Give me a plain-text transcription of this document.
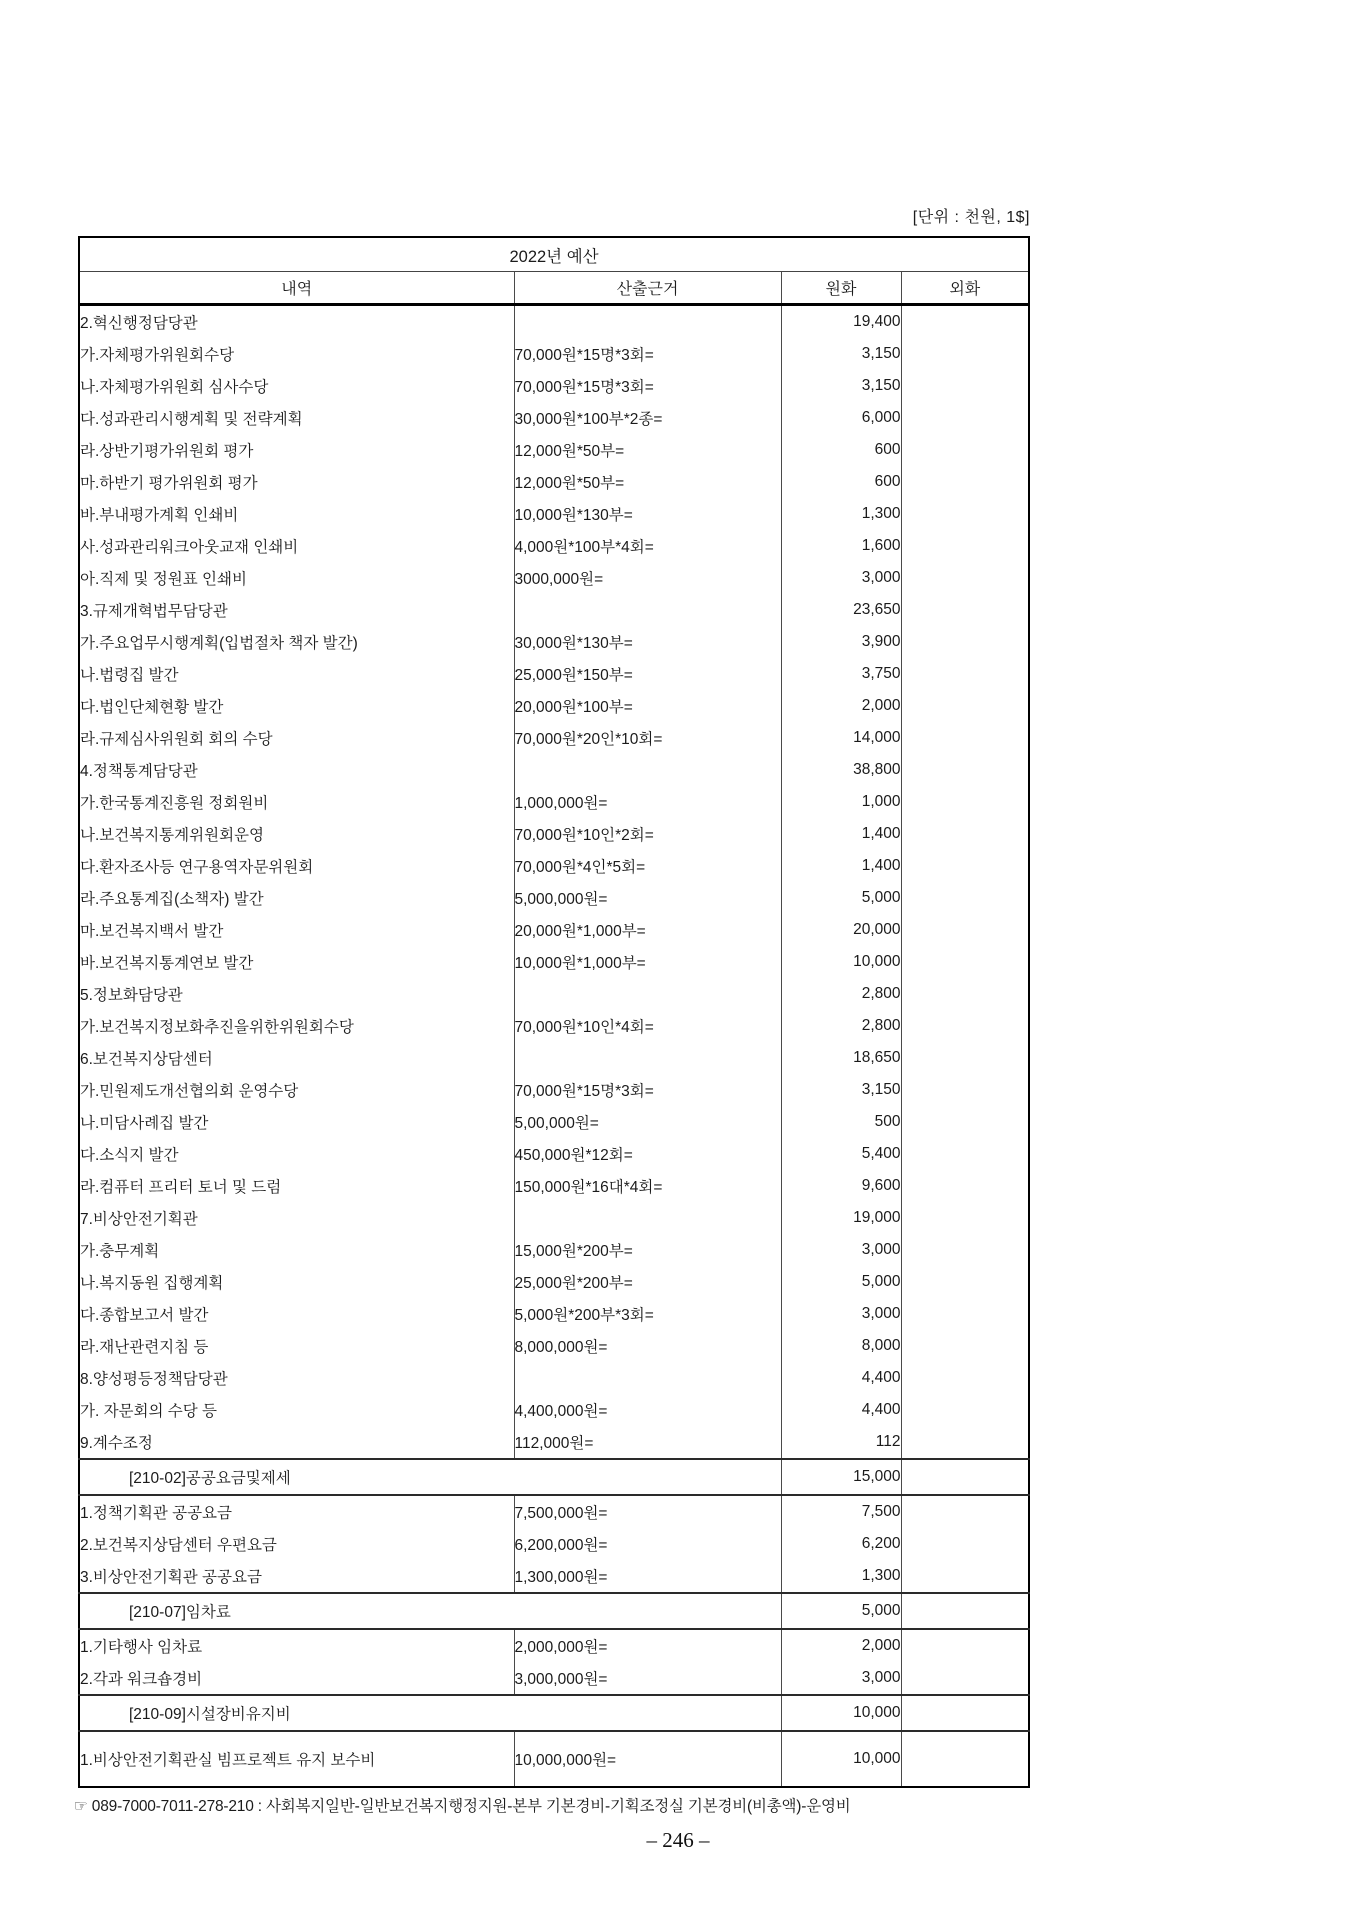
[단위 : 천원, 1$]
2022년 예산			
내역	산출근거	원화	외화
2.혁신행정담당관		19,400	
가.자체평가위원회수당	70,000원*15명*3회=	3,150	
나.자체평가위원회 심사수당	70,000원*15명*3회=	3,150	
다.성과관리시행계획 및 전략계획	30,000원*100부*2종=	6,000	
라.상반기평가위원회 평가	12,000원*50부=	600	
마.하반기 평가위원회 평가	12,000원*50부=	600	
바.부내평가계획 인쇄비	10,000원*130부=	1,300	
사.성과관리워크아웃교재 인쇄비	4,000원*100부*4회=	1,600	
아.직제 및 정원표 인쇄비	3000,000원=	3,000	
3.규제개혁법무담당관		23,650	
가.주요업무시행계획(입법절차 책자 발간)	30,000원*130부=	3,900	
나.법령집 발간	25,000원*150부=	3,750	
다.법인단체현황 발간	20,000원*100부=	2,000	
라.규제심사위원회 회의 수당	70,000원*20인*10회=	14,000	
4.정책통계담당관		38,800	
가.한국통계진흥원 정회원비	1,000,000원=	1,000	
나.보건복지통계위원회운영	70,000원*10인*2회=	1,400	
다.환자조사등 연구용역자문위원회	70,000원*4인*5회=	1,400	
라.주요통계집(소책자) 발간	5,000,000원=	5,000	
마.보건복지백서 발간	20,000원*1,000부=	20,000	
바.보건복지통계연보 발간	10,000원*1,000부=	10,000	
5.정보화담당관		2,800	
가.보건복지정보화추진을위한위원회수당	70,000원*10인*4회=	2,800	
6.보건복지상담센터		18,650	
가.민원제도개선협의회 운영수당	70,000원*15명*3회=	3,150	
나.미담사례집 발간	5,00,000원=	500	
다.소식지 발간	450,000원*12회=	5,400	
라.컴퓨터 프리터 토너 및 드럼	150,000원*16대*4회=	9,600	
7.비상안전기획관		19,000	
가.충무계획	15,000원*200부=	3,000	
나.복지동원 집행계획	25,000원*200부=	5,000	
다.종합보고서 발간	5,000원*200부*3회=	3,000	
라.재난관련지침 등	8,000,000원=	8,000	
8.양성평등정책담당관		4,400	
가. 자문회의 수당 등	4,400,000원=	4,400	
9.계수조정	112,000원=	112	
[210-02]공공요금및제세		15,000	
1.정책기획관 공공요금	7,500,000원=	7,500	
2.보건복지상담센터 우편요금	6,200,000원=	6,200	
3.비상안전기획관 공공요금	1,300,000원=	1,300	
[210-07]임차료		5,000	
1.기타행사 임차료	2,000,000원=	2,000	
2.각과 워크숍경비	3,000,000원=	3,000	
[210-09]시설장비유지비		10,000	
1.비상안전기획관실 빔프로젝트 유지 보수비	10,000,000원=	10,000	
☞ 089-7000-7011-278-210 : 사회복지일반-일반보건복지행정지원-본부 기본경비-기획조정실 기본경비(비총액)-운영비
– 246 –
